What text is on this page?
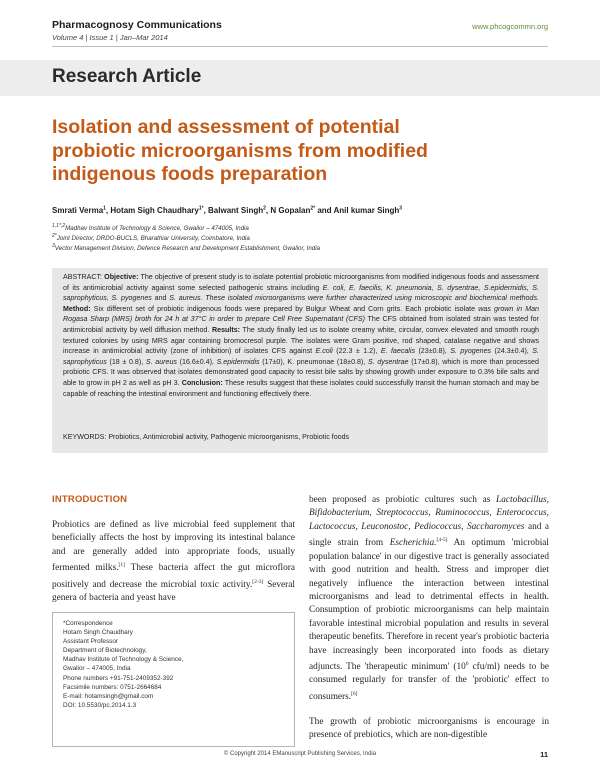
Pharmacognosy Communications
Volume 4 | Issue 1 | Jan–Mar 2014
www.phcogcommn.org
Research Article
Isolation and assessment of potential probiotic microorganisms from modified indigenous foods preparation
Smrati Verma$^1$, Hotam Sigh Chaudhary$^{1*}$, Balwant Singh$^2$, N Gopalan$^{2*}$ and Anil kumar Singh$^3$
$^{1,1*,2}$Madhav Institute of Technology & Science, Gwalior – 474005, India
$^{2*}$Joint Director, DRDO-BUCLS, Bharathiar University, Coimbatore, India
$^3$Vector Management Division, Defence Research and Development Establishment, Gwalior, India
ABSTRACT: Objective: The objective of present study is to isolate potential probiotic microorganisms from modified indigenous foods and assessment of its antimicrobial activity against some selected pathogenic strains including E. coli, E. faecilis, K. pneumonia, S. dysentrae, S.epidermidis, S. saprophyticus, S. pyogenes and S. aureus. These isolated microorganisms were further characterized using microscopic and biochemical methods. Method: Six different set of probiotic indigenous foods were prepared by Bulgur Wheat and Corn grits. Each probiotic isolate was grown in Man Rogasa Sharp (MRS) broth for 24 h at 37°C in order to prepare Cell Free Supernatant (CFS) The CFS obtained from isolated strain was tested for antimicrobial activity by well diffusion method. Results: The study finally led us to isolate creamy white, circular, convex elevated and smooth rough textured colonies by using MRS agar containing bromocresol purple. The isolates were Gram positive, rod shaped, catalase negative and shows increase in antimicrobial activity (zone of inhibition) of isolates CFS against E.coli (22.3 ± 1.2), E. faecalis (23±0.8), S. pyogenes (24.3±0.4), S. saprophyticus (18 ± 0.8), S. aureus (16.6±0.4), S.epidermidis (17±0), K. pneumonae (18±0.8), S. dysentrae (17±0.8), which is more than processed probiotic CFS. It was observed that isolates demonstrated good capacity to resist bile salts by showing growth under exposure to 0.3% bile salts and able to grow in pH 2 as well as pH 3. Conclusion: These results suggest that these isolates could successfully transit the human stomach and may be capable of reaching the intestinal environment and functioning effectively there.
KEYWORDS: Probiotics, Antimicrobial activity, Pathogenic microorganisms, Probiotic foods
INTRODUCTION
Probiotics are defined as live microbial feed supplement that beneficially affects the host by improving its intestinal balance and are generally added into appropriate foods, usually fermented milks.[1] These bacteria affect the gut microflora positively and decrease the microbial toxic activity.[2-3] Several genera of bacteria and yeast have
*Correspondence
Hotam Singh Chaudhary
Assistant Professor
Department of Biotechnology,
Madhav Institute of Technology & Science,
Gwalior – 474005, India
Phone numbers +91-751-2409352-392
Facsimile numbers: 0751-2664684
E-mail: hotamsingh@gmail.com
DOI: 10.5530/pc.2014.1.3
been proposed as probiotic cultures such as Lactobacillus, Bifidobacterium, Streptococcus, Ruminococcus, Enterococcus, Lactococcus, Leuconostoc, Pediococcus, Saccharomyces and a single strain from Escherichia.[4-5] An optimum 'microbial population balance' in our digestive tract is generally associated with good nutrition and health. Stress and improper diet negatively influence the interaction between intestinal microorganisms and lead to detrimental effects in health. Consumption of probiotic microorganisms can help maintain favorable intestinal microbial population and results in several therapeutic benefits. Therefore in recent year's probiotic bacteria have increasingly been incorporated into foods as dietary adjuncts. The 'therapeutic minimum' (10$^6$ cfu/ml) needs to be consumed regularly for transfer of the 'probiotic' effect to consumers.[6]
The growth of probiotic microorganisms is encourage in presence of prebiotics, which are non-digestible
© Copyright 2014 EManuscript Publishing Services, India	11
